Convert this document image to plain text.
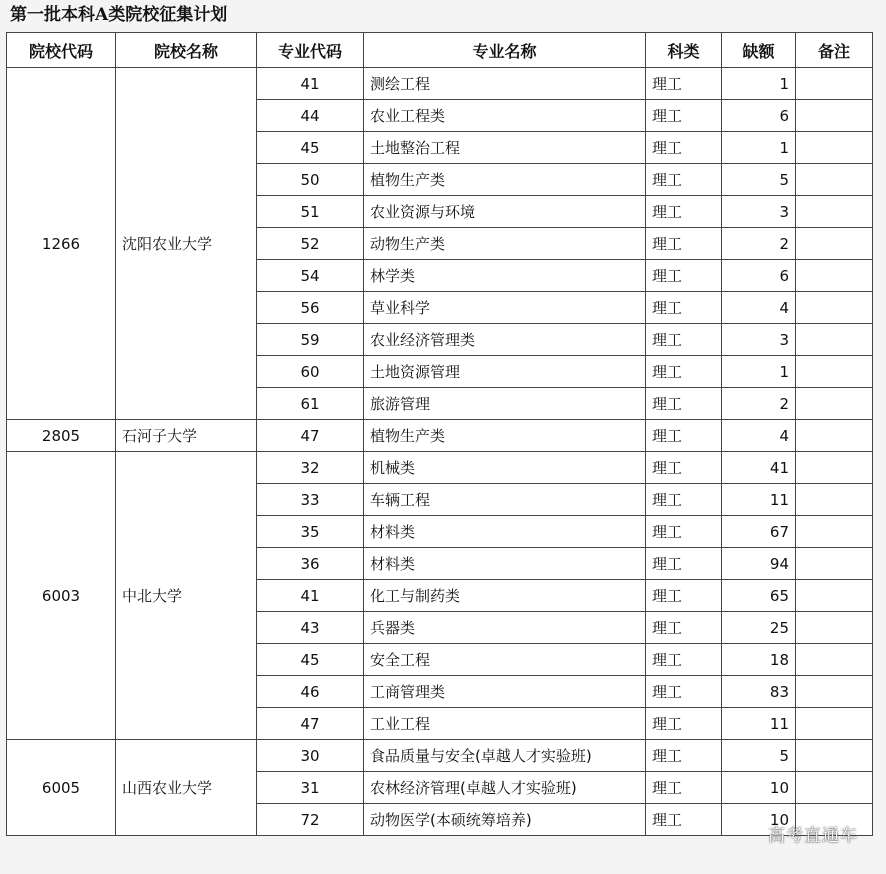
第一批本科A类院校征集计划
院校代码	院校名称	专业代码	专业名称	科类	缺额	备注
1266	沈阳农业大学	41	测绘工程	理工	1	
		44	农业工程类	理工	6	
		45	土地整治工程	理工	1	
		50	植物生产类	理工	5	
		51	农业资源与环境	理工	3	
		52	动物生产类	理工	2	
		54	林学类	理工	6	
		56	草业科学	理工	4	
		59	农业经济管理类	理工	3	
		60	土地资源管理	理工	1	
		61	旅游管理	理工	2	
2805	石河子大学	47	植物生产类	理工	4	
6003	中北大学	32	机械类	理工	41	
		33	车辆工程	理工	11	
		35	材料类	理工	67	
		36	材料类	理工	94	
		41	化工与制药类	理工	65	
		43	兵器类	理工	25	
		45	安全工程	理工	18	
		46	工商管理类	理工	83	
		47	工业工程	理工	11	
6005	山西农业大学	30	食品质量与安全(卓越人才实验班)	理工	5	
		31	农林经济管理(卓越人才实验班)	理工	10	
		72	动物医学(本硕统筹培养)	理工	10	
高考直通车
